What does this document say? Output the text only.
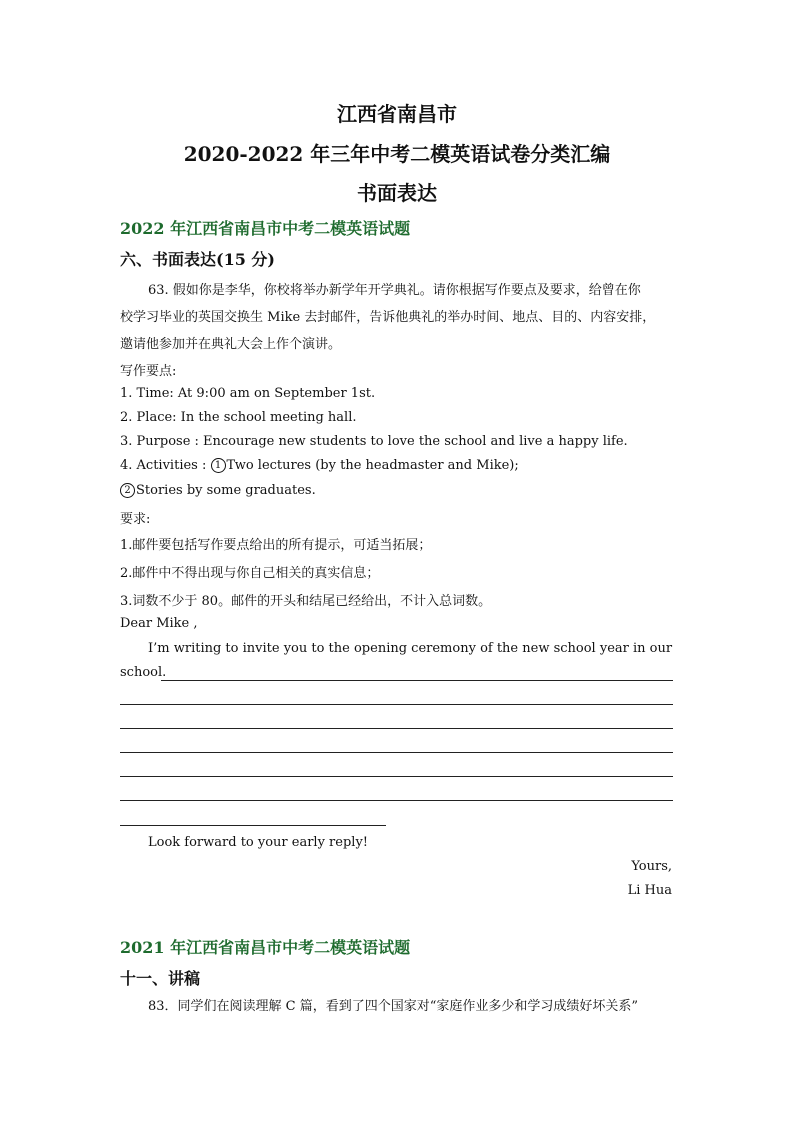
江西省南昌市
2020-2022 年三年中考二模英语试卷分类汇编
书面表达
2022 年江西省南昌市中考二模英语试题
六、书面表达(15 分)
63. 假如你是李华，你校将举办新学年开学典礼。请你根据写作要点及要求，给曾在你
校学习毕业的英国交换生 Mike 去封邮件，告诉他典礼的举办时间、地点、目的、内容安排，
邀请他参加并在典礼大会上作个演讲。
写作要点:
1. Time: At 9:00 am on September 1st.
2. Place: In the school meeting hall.
3. Purpose : Encourage new students to love the school and live a happy life.
4. Activities : 1 Two lectures (by the headmaster and Mike);
2 Stories by some graduates.
要求:
1.邮件要包括写作要点给出的所有提示，可适当拓展；
2.邮件中不得出现与你自己相关的真实信息；
3.词数不少于 80。邮件的开头和结尾已经给出，不计入总词数。
Dear Mike ,
I’m writing to invite you to the opening ceremony of the new school year in our
school.
Look forward to your early reply!
Yours,
Li Hua
2021 年江西省南昌市中考二模英语试题
十一、讲稿
83．同学们在阅读理解 C 篇，看到了四个国家对“家庭作业多少和学习成绩好坏关系”
